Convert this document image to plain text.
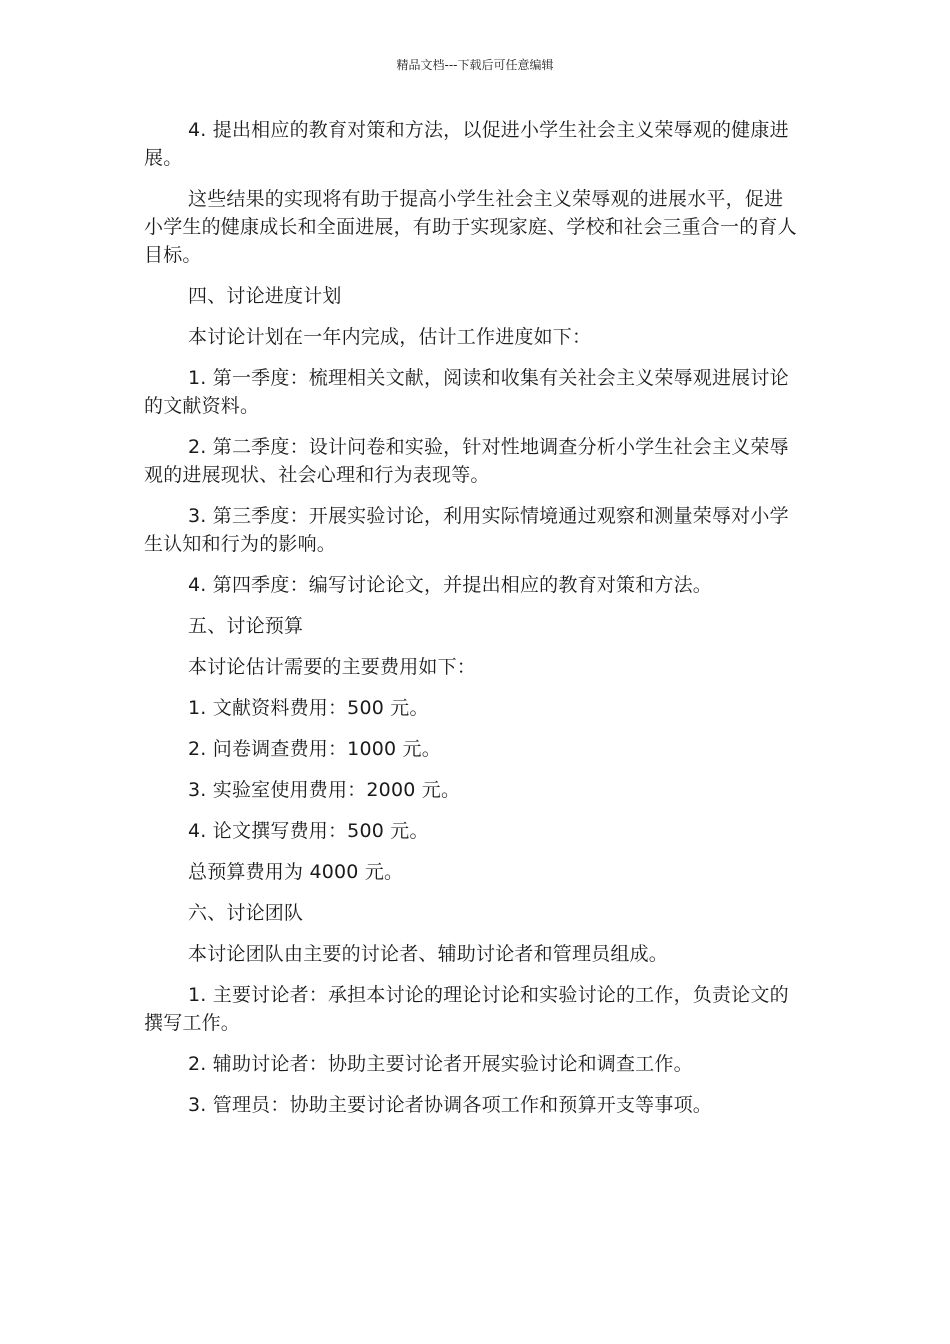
精品文档---下载后可任意编辑

4. 提出相应的教育对策和方法，以促进小学生社会主义荣辱观的健康进展。

这些结果的实现将有助于提高小学生社会主义荣辱观的进展水平，促进小学生的健康成长和全面进展，有助于实现家庭、学校和社会三重合一的育人目标。

四、讨论进度计划

本讨论计划在一年内完成，估计工作进度如下：

1. 第一季度：梳理相关文献，阅读和收集有关社会主义荣辱观进展讨论的文献资料。

2. 第二季度：设计问卷和实验，针对性地调查分析小学生社会主义荣辱观的进展现状、社会心理和行为表现等。

3. 第三季度：开展实验讨论，利用实际情境通过观察和测量荣辱对小学生认知和行为的影响。

4. 第四季度：编写讨论论文，并提出相应的教育对策和方法。

五、讨论预算

本讨论估计需要的主要费用如下：

1. 文献资料费用：500 元。

2. 问卷调查费用：1000 元。

3. 实验室使用费用：2000 元。

4. 论文撰写费用：500 元。

总预算费用为 4000 元。

六、讨论团队

本讨论团队由主要的讨论者、辅助讨论者和管理员组成。

1. 主要讨论者：承担本讨论的理论讨论和实验讨论的工作，负责论文的撰写工作。

2. 辅助讨论者：协助主要讨论者开展实验讨论和调查工作。

3. 管理员：协助主要讨论者协调各项工作和预算开支等事项。
